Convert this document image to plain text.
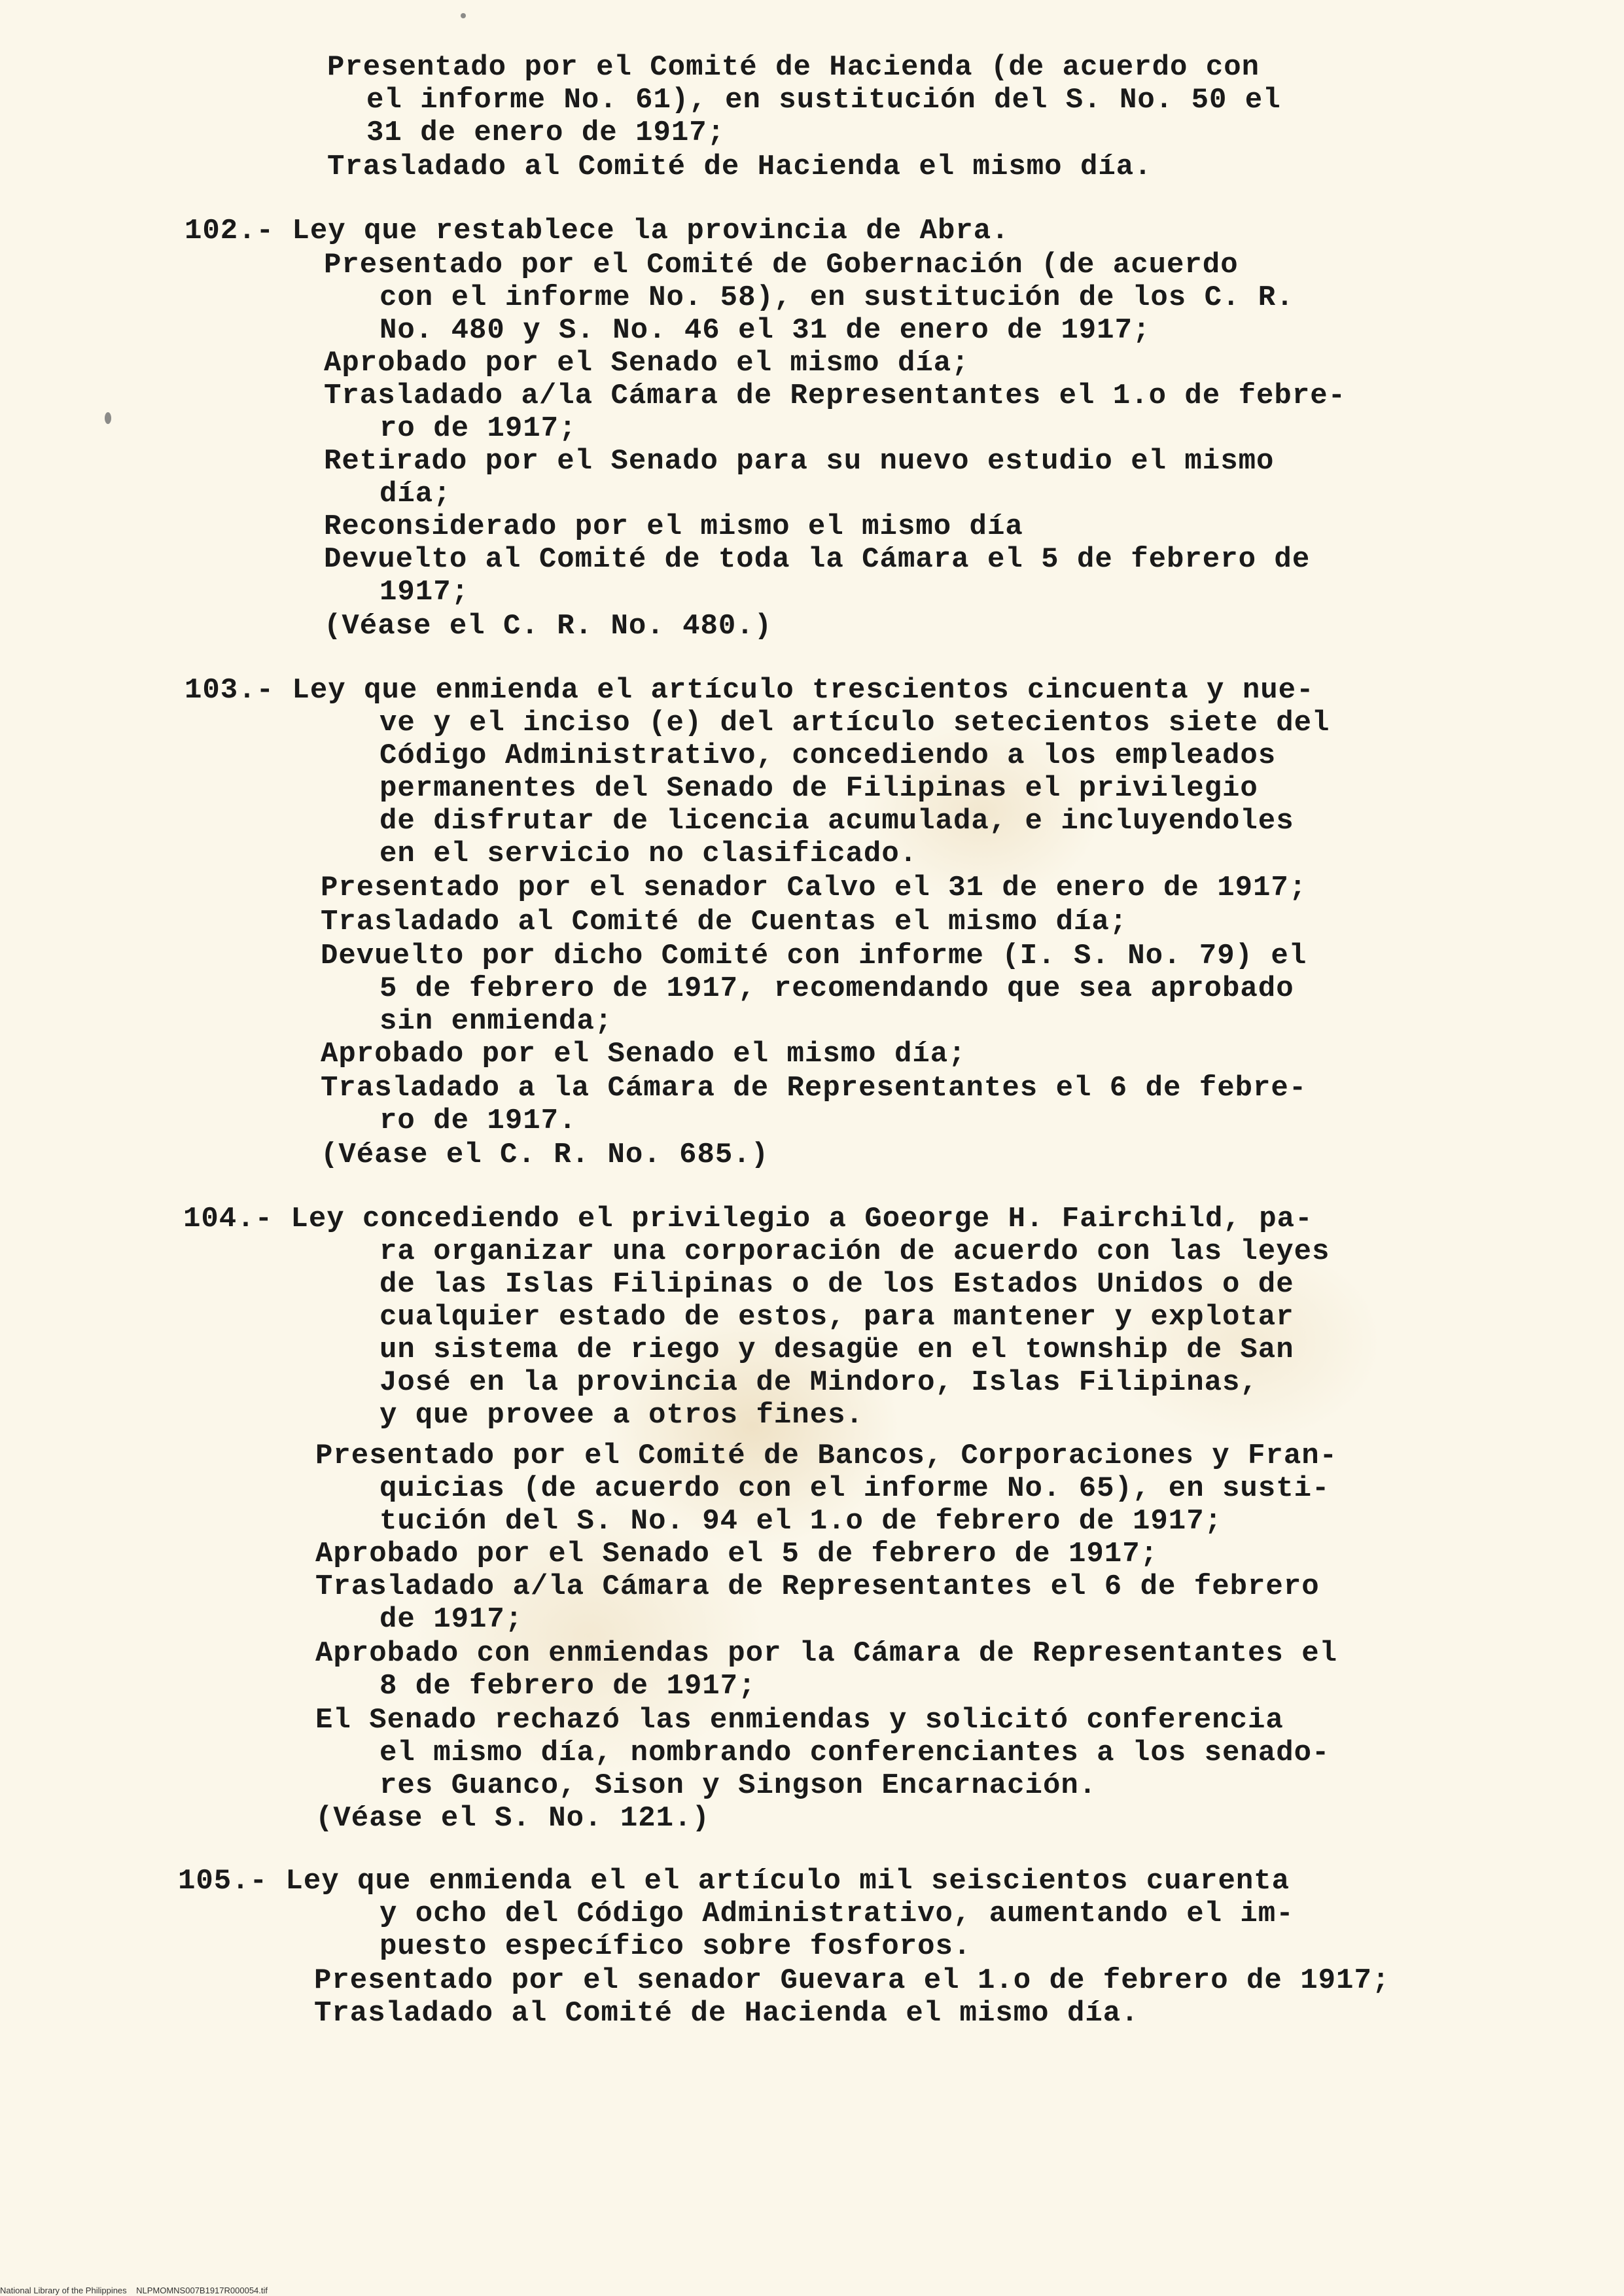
Presentado por el Comité de Hacienda (de acuerdo con

el informe No. 61), en sustitución del S. No. 50 el

31 de enero de 1917;

Trasladado al Comité de Hacienda el mismo día.

102.- Ley que restablece la provincia de Abra.

Presentado por el Comité de Gobernación (de acuerdo

con el informe No. 58), en sustitución de los C. R.

No. 480 y S. No. 46 el 31 de enero de 1917;

Aprobado por el Senado el mismo día;

Trasladado a/la Cámara de Representantes el 1.o de febre-

ro de 1917;

Retirado por el Senado para su nuevo estudio el mismo

día;

Reconsiderado por el mismo el mismo día

Devuelto al Comité de toda la Cámara el 5 de febrero de

1917;

(Véase el C. R. No. 480.)

103.- Ley que enmienda el artículo trescientos cincuenta y nue-

ve y el inciso (e) del artículo setecientos siete del

Código Administrativo, concediendo a los empleados

permanentes del Senado de Filipinas el privilegio

de disfrutar de licencia acumulada, e incluyendoles

en el servicio no clasificado.

Presentado por el senador Calvo el 31 de enero de 1917;

Trasladado al Comité de Cuentas el mismo día;

Devuelto por dicho Comité con informe (I. S. No. 79) el

5 de febrero de 1917, recomendando que sea aprobado

sin enmienda;

Aprobado por el Senado el mismo día;

Trasladado a la Cámara de Representantes el 6 de febre-

ro de 1917.

(Véase el C. R. No. 685.)

104.- Ley concediendo el privilegio a Goeorge H. Fairchild, pa-

ra organizar una corporación de acuerdo con las leyes

de las Islas Filipinas o de los Estados Unidos o de

cualquier estado de estos, para mantener y explotar

un sistema de riego y desagüe en el township de San

José en la provincia de Mindoro, Islas Filipinas,

y que provee a otros fines.

Presentado por el Comité de Bancos, Corporaciones y Fran-

quicias (de acuerdo con el informe No. 65), en susti-

tución del S. No. 94 el 1.o de febrero de 1917;

Aprobado por el Senado el 5 de febrero de 1917;

Trasladado a/la Cámara de Representantes el 6 de febrero

de 1917;

Aprobado con enmiendas por la Cámara de Representantes el

8 de febrero de 1917;

El Senado rechazó las enmiendas y solicitó conferencia

el mismo día, nombrando conferenciantes a los senado-

res Guanco, Sison y Singson Encarnación.

(Véase el S. No. 121.)

105.- Ley que enmienda el el artículo mil seiscientos cuarenta

y ocho del Código Administrativo, aumentando el im-

puesto específico sobre fosforos.

Presentado por el senador Guevara el 1.o de febrero de 1917;

Trasladado al Comité de Hacienda el mismo día.

National Library of the Philippines    NLPMOMNS007B1917R000054.tif
